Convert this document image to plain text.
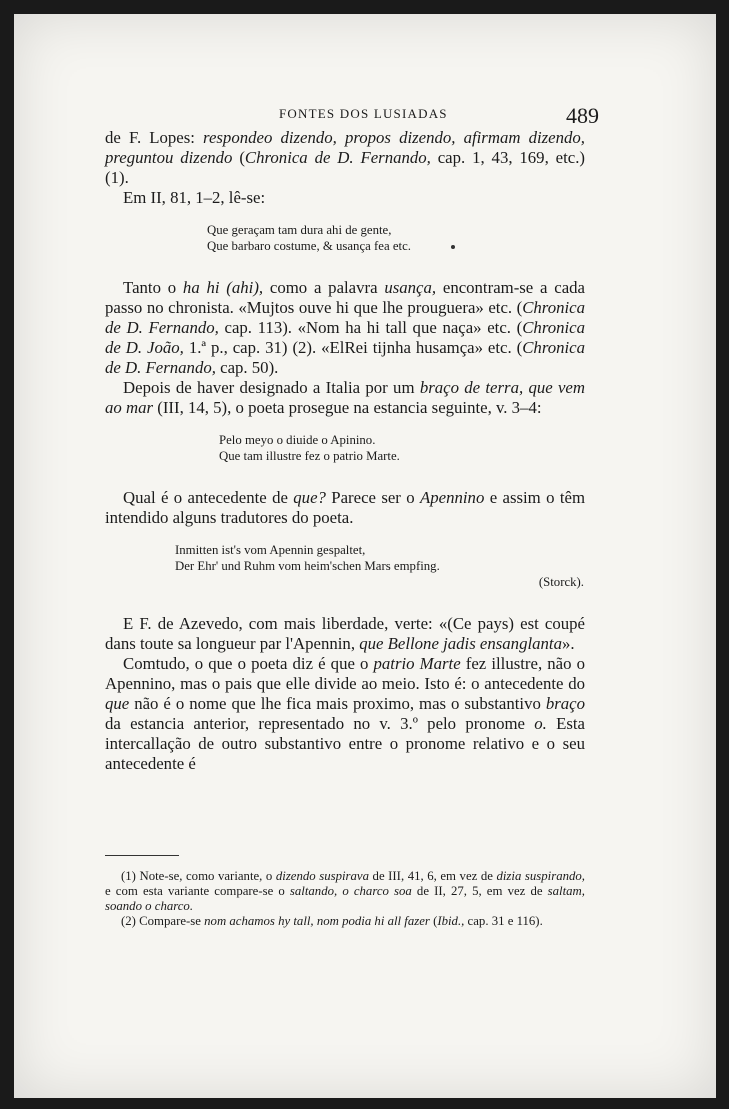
FONTES DOS LUSIADAS	489

de F. Lopes: respondeo dizendo, propos dizendo, afirmam dizendo, preguntou dizendo (Chronica de D. Fernando, cap. 1, 43, 169, etc.) (1).

Em II, 81, 1–2, lê-se:

Que geraçam tam dura ahi de gente,
Que barbaro costume, & usança fea etc.

Tanto o ha hi (ahi), como a palavra usança, encontram-se a cada passo no chronista. «Mujtos ouve hi que lhe prouguera» etc. (Chronica de D. Fernando, cap. 113). «Nom ha hi tall que naça» etc. (Chronica de D. João, 1.ª p., cap. 31) (2). «ElRei tijnha husamça» etc. (Chronica de D. Fernando, cap. 50).

Depois de haver designado a Italia por um braço de terra, que vem ao mar (III, 14, 5), o poeta prosegue na estancia seguinte, v. 3–4:

Pelo meyo o diuide o Apinino.
Que tam illustre fez o patrio Marte.

Qual é o antecedente de que? Parece ser o Apennino e assim o têm intendido alguns tradutores do poeta.

Inmitten ist's vom Apennin gespaltet,
Der Ehr' und Ruhm vom heim'schen Mars empfing.
(Storck).

E F. de Azevedo, com mais liberdade, verte: «(Ce pays) est coupé dans toute sa longueur par l'Apennin, que Bellone jadis ensanglanta».

Comtudo, o que o poeta diz é que o patrio Marte fez illustre, não o Apennino, mas o pais que elle divide ao meio. Isto é: o antecedente do que não é o nome que lhe fica mais proximo, mas o substantivo braço da estancia anterior, representado no v. 3.º pelo pronome o. Esta intercallação de outro substantivo entre o pronome relativo e o seu antecedente é

(1) Note-se, como variante, o dizendo suspirava de III, 41, 6, em vez de dizia suspirando, e com esta variante compare-se o saltando, o charco soa de II, 27, 5, em vez de saltam, soando o charco.

(2) Compare-se nom achamos hy tall, nom podia hi all fazer (Ibid., cap. 31 e 116).
